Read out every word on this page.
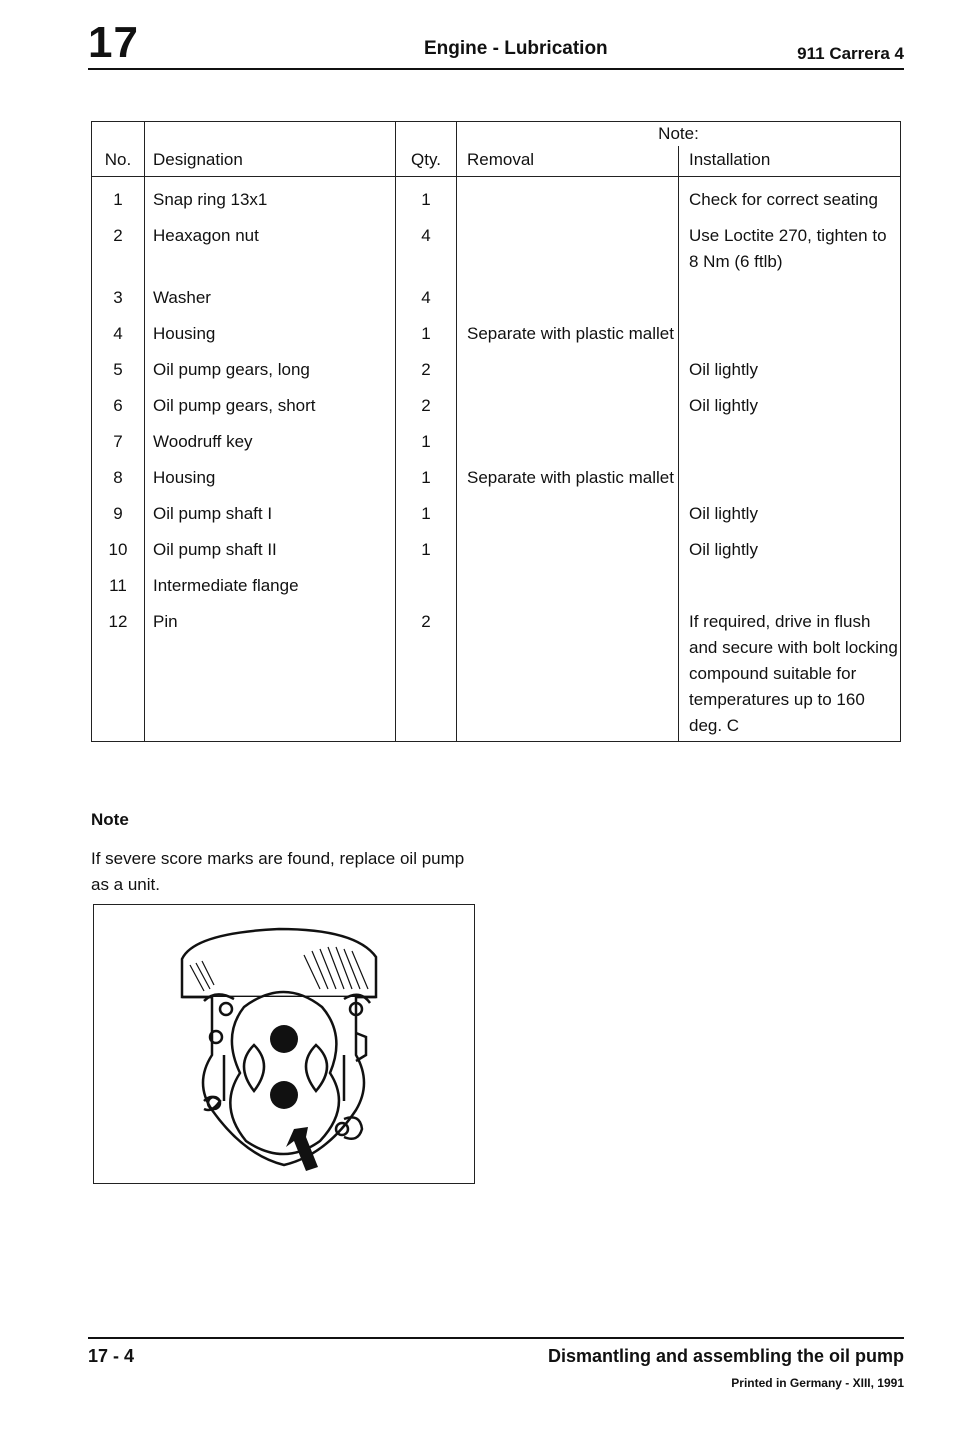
17	Engine - Lubrication	911 Carrera 4
			Note:	
No.	Designation	Qty.	Removal	Installation
1	Snap ring 13x1	1		Check for correct seating
2	Heaxagon nut	4		Use Loctite 270, tighten to 8 Nm (6 ftlb)
3	Washer	4		
4	Housing	1	Separate with plastic mallet	
5	Oil pump gears, long	2		Oil lightly
6	Oil pump gears, short	2		Oil lightly
7	Woodruff key	1		
8	Housing	1	Separate with plastic mallet	
9	Oil pump shaft I	1		Oil lightly
10	Oil pump shaft II	1		Oil lightly
11	Intermediate flange			
12	Pin	2		If required, drive in flush and secure with bolt locking compound suitable for temperatures up to 160 deg. C
Note
If severe score marks are found, replace oil pump as a unit.
17 - 4	Dismantling and assembling the oil pump
Printed in Germany - XIII, 1991
